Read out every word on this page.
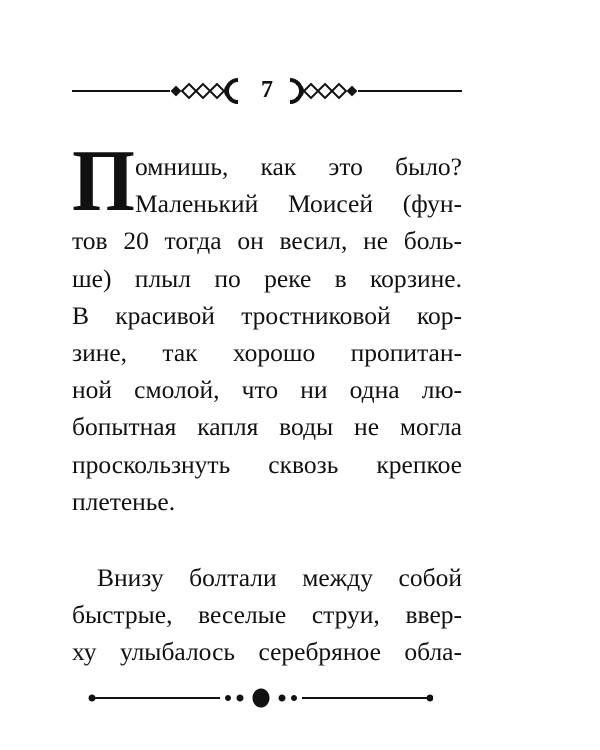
7
П омнишь, как это было?
Маленький Моисей (фун-
тов 20 тогда он весил, не боль-
ше) плыл по реке в корзине.
В красивой тростниковой кор-
зине, так хорошо пропитан-
ной смолой, что ни одна лю-
бопытная капля воды не могла
проскользнуть сквозь крепкое
плетенье.
Внизу болтали между собой
быстрые, веселые струи, ввер-
ху улыбалось серебряное обла-
